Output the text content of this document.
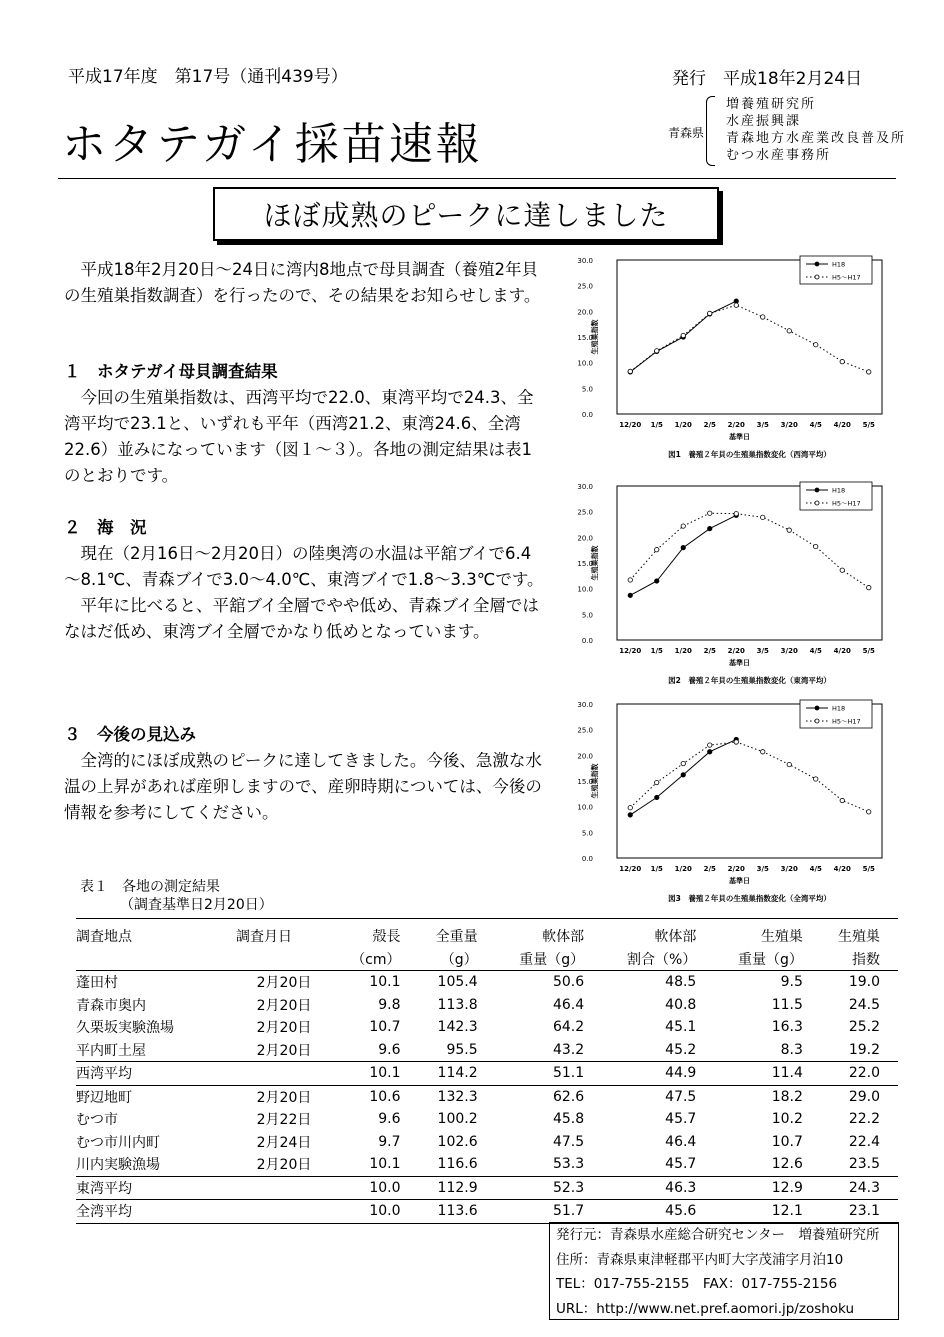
平成17年度　第17号（通刊439号）	発行　平成18年2月24日
ホタテガイ採苗速報	青森県
増養殖研究所
水産振興課
青森地方水産業改良普及所
むつ水産事務所
ほぼ成熟のピークに達しました

平成18年2月20日～24日に湾内8地点で母貝調査（養殖2年貝の生殖巣指数調査）を行ったので、その結果をお知らせします。

１　ホタテガイ母貝調査結果

今回の生殖巣指数は、西湾平均で22.0、東湾平均で24.3、全湾平均で23.1と、いずれも平年（西湾21.2、東湾24.6、全湾22.6）並みになっています（図１～３）。各地の測定結果は表1のとおりです。

２　海　況

現在（2月16日～2月20日）の陸奥湾の水温は平舘ブイで6.4～8.1℃、青森ブイで3.0～4.0℃、東湾ブイで1.8～3.3℃です。

平年に比べると、平舘ブイ全層でやや低め、青森ブイ全層ではなはだ低め、東湾ブイ全層でかなり低めとなっています。

３　今後の見込み

全湾的にほぼ成熟のピークに達してきました。今後、急激な水温の上昇があれば産卵しますので、産卵時期については、今後の情報を参考にしてください。

0.0
5.0
10.0
15.0
20.0
25.0
30.0
12/20 1/5 1/20 2/5 2/20 3/5 3/20 4/5 4/20 5/5
基準日
生殖巣指数
図1　養殖２年貝の生殖巣指数変化（西湾平均）
H18
H5～H17
0.0
5.0
10.0
15.0
20.0
25.0
30.0
12/20 1/5 1/20 2/5 2/20 3/5 3/20 4/5 4/20 5/5
基準日
生殖巣指数
図2　養殖２年貝の生殖巣指数変化（東湾平均）
H18
H5～H17
0.0
5.0
10.0
15.0
20.0
25.0
30.0
12/20 1/5 1/20 2/5 2/20 3/5 3/20 4/5 4/20 5/5
基準日
生殖巣指数
図3　養殖２年貝の生殖巣指数変化（全湾平均）
H18
H5～H17
表１　各地の測定結果
（調査基準日2月20日）
調査地点	調査月日	殻長	全重量	軟体部	軟体部	生殖巣	生殖巣
		（cm）	（g）	重量（g）	割合（%）	重量（g）	指数
蓬田村	2月20日	10.1	105.4	50.6	48.5	9.5	19.0
青森市奥内	2月20日	9.8	113.8	46.4	40.8	11.5	24.5
久栗坂実験漁場	2月20日	10.7	142.3	64.2	45.1	16.3	25.2
平内町土屋	2月20日	9.6	95.5	43.2	45.2	8.3	19.2
西湾平均		10.1	114.2	51.1	44.9	11.4	22.0
野辺地町	2月20日	10.6	132.3	62.6	47.5	18.2	29.0
むつ市	2月22日	9.6	100.2	45.8	45.7	10.2	22.2
むつ市川内町	2月24日	9.7	102.6	47.5	46.4	10.7	22.4
川内実験漁場	2月20日	10.1	116.6	53.3	45.7	12.6	23.5
東湾平均		10.0	112.9	52.3	46.3	12.9	24.3
全湾平均		10.0	113.6	51.7	45.6	12.1	23.1
発行元：青森県水産総合研究センター　増養殖研究所
住所：青森県東津軽郡平内町大字茂浦字月泊10
TEL：017-755-2155　FAX：017-755-2156
URL：http://www.net.pref.aomori.jp/zoshoku
